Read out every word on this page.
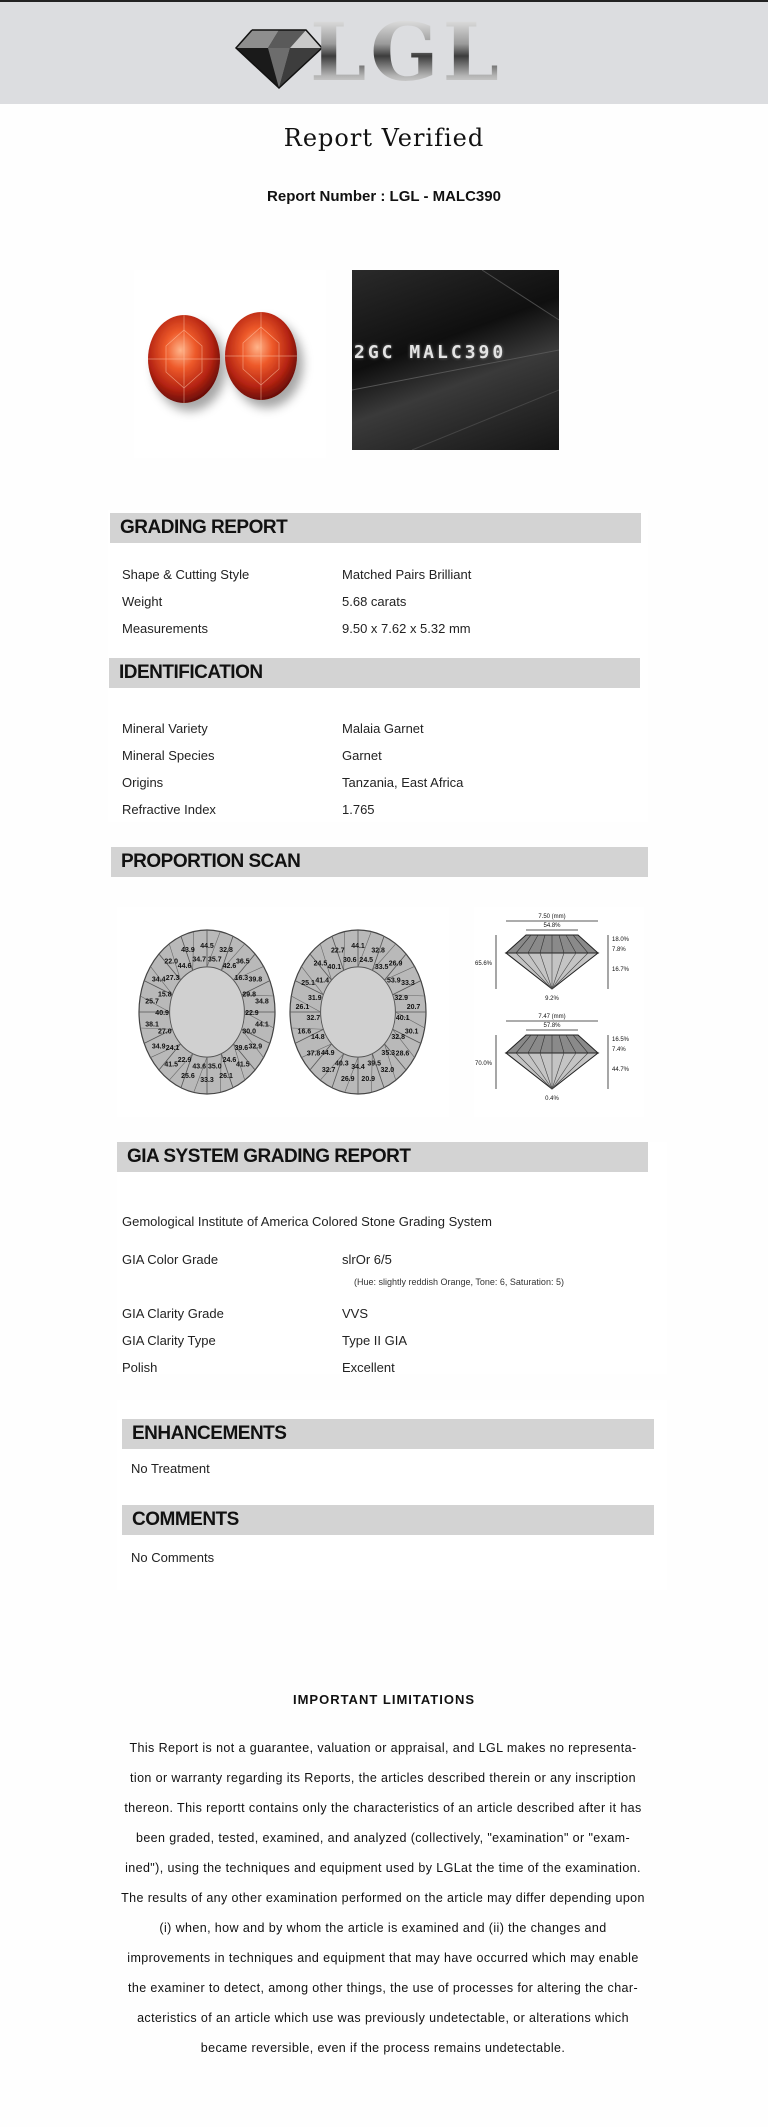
LGL
Report Verified
Report Number : LGL - MALC390
2GC MALC390
GRADING REPORT
Shape & Cutting Style	Matched Pairs Brilliant
Weight	5.68 carats
Measurements	9.50 x 7.62 x 5.32 mm
IDENTIFICATION
Mineral Variety	Malaia Garnet
Mineral Species	Garnet
Origins	Tanzania, East Africa
Refractive Index	1.765
PROPORTION SCAN
44.5
35.7
32.8
42.6
36.5
16.3 39.8
29.8
34.8
22.9
44.1
30.0
32.9
39.6
41.5
24.6
26.1
35.0
33.3
43.6
25.6
22.9
41.5
24.1
34.9
27.0
38.1
40.9
25.7
15.8
34.4 27.3
22.0
44.6
43.9
34.7
44.1
24.5
32.8
33.5
26.9
53.9 33.3
32.9
20.7
40.1
30.1
32.8
28.6
35.3
32.0
39.5
20.9
34.4
26.9
40.3
32.7
44.9
37.8
14.8
16.6
32.7
26.1
31.9
25.1 41.4
24.5
40.1
22.7
30.6
7.50 (mm)
54.8%
18.0%
7.8%
16.7%
65.6%
9.2%
7.47 (mm)
57.8%
16.5%
7.4%
44.7%
70.0%
0.4%
GIA SYSTEM GRADING REPORT
Gemological Institute of America Colored Stone Grading System
GIA Color Grade	slrOr 6/5
(Hue: slightly reddish Orange, Tone: 6, Saturation: 5)
GIA Clarity Grade	VVS
GIA Clarity Type	Type II GIA
Polish	Excellent
ENHANCEMENTS
No Treatment
COMMENTS
No Comments
IMPORTANT LIMITATIONS
This Report is not a guarantee, valuation or appraisal, and LGL makes no representa- tion or warranty regarding its Reports, the articles described therein or any inscription thereon. This reportt contains only the characteristics of an article described after it has been graded, tested, examined, and analyzed (collectively, "examination" or "exam- ined"), using the techniques and equipment used by LGLat the time of the examination. The results of any other examination performed on the article may differ depending upon (i) when, how and by whom the article is examined and (ii) the changes and improvements in techniques and equipment that may have occurred which may enable the examiner to detect, among other things, the use of processes for altering the char- acteristics of an article which use was previously undetectable, or alterations which became reversible, even if the process remains undetectable.
